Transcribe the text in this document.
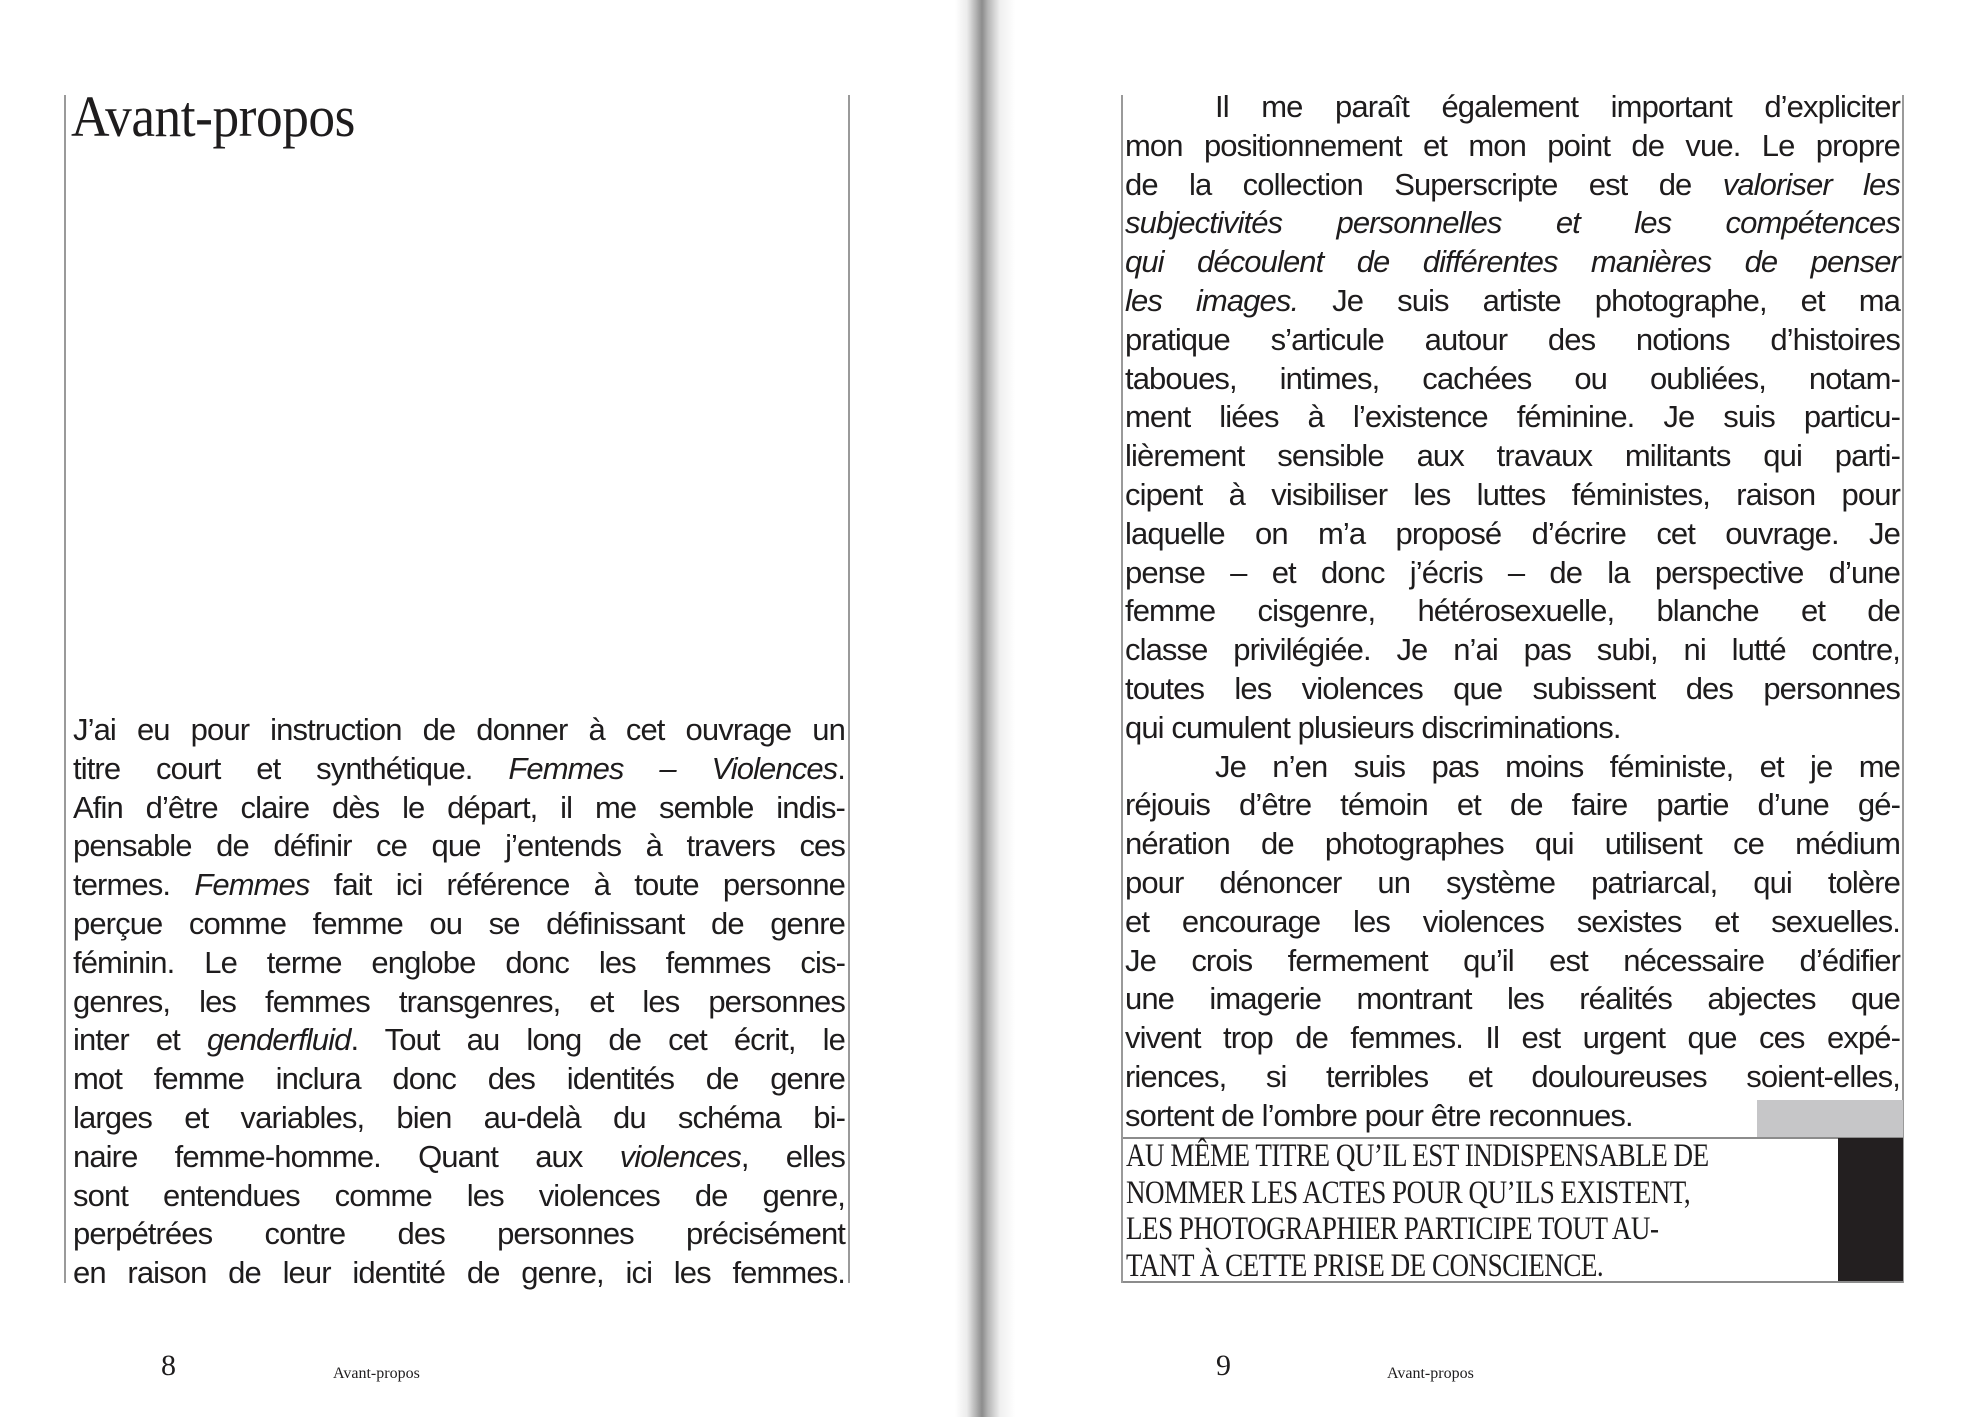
Avant-propos
J’ai eu pour instruction de donner à cet ouvrage un
titre court et synthétique. Femmes – Violences.
Afin d’être claire dès le départ, il me semble indis-
pensable de définir ce que j’entends à travers ces
termes. Femmes fait ici référence à toute personne
perçue comme femme ou se définissant de genre
féminin. Le terme englobe donc les femmes cis-
genres, les femmes transgenres, et les personnes
inter et genderfluid. Tout au long de cet écrit, le
mot femme inclura donc des identités de genre
larges et variables, bien au-delà du schéma bi-
naire femme-homme. Quant aux violences, elles
sont entendues comme les violences de genre,
perpétrées contre des personnes précisément
en raison de leur identité de genre, ici les femmes.
8	Avant-propos
Il me paraît également important d’expliciter
mon positionnement et mon point de vue. Le propre
de la collection Superscripte est de valoriser les
subjectivités personnelles et les compétences
qui découlent de différentes manières de penser
les images. Je suis artiste photographe, et ma
pratique s’articule autour des notions d’histoires
taboues, intimes, cachées ou oubliées, notam-
ment liées à l’existence féminine. Je suis particu-
lièrement sensible aux travaux militants qui parti-
cipent à visibiliser les luttes féministes, raison pour
laquelle on m’a proposé d’écrire cet ouvrage. Je
pense – et donc j’écris – de la perspective d’une
femme cisgenre, hétérosexuelle, blanche et de
classe privilégiée. Je n’ai pas subi, ni lutté contre,
toutes les violences que subissent des personnes
qui cumulent plusieurs discriminations.
Je n’en suis pas moins féministe, et je me
réjouis d’être témoin et de faire partie d’une gé-
nération de photographes qui utilisent ce médium
pour dénoncer un système patriarcal, qui tolère
et encourage les violences sexistes et sexuelles.
Je crois fermement qu’il est nécessaire d’édifier
une imagerie montrant les réalités abjectes que
vivent trop de femmes. Il est urgent que ces expé-
riences, si terribles et douloureuses soient-elles,
sortent de l’ombre pour être reconnues.
AU MÊME TITRE QU’IL EST INDISPENSABLE DE
NOMMER LES ACTES POUR QU’ILS EXISTENT,
LES PHOTOGRAPHIER PARTICIPE TOUT AU-
TANT À CETTE PRISE DE CONSCIENCE.
9	Avant-propos
